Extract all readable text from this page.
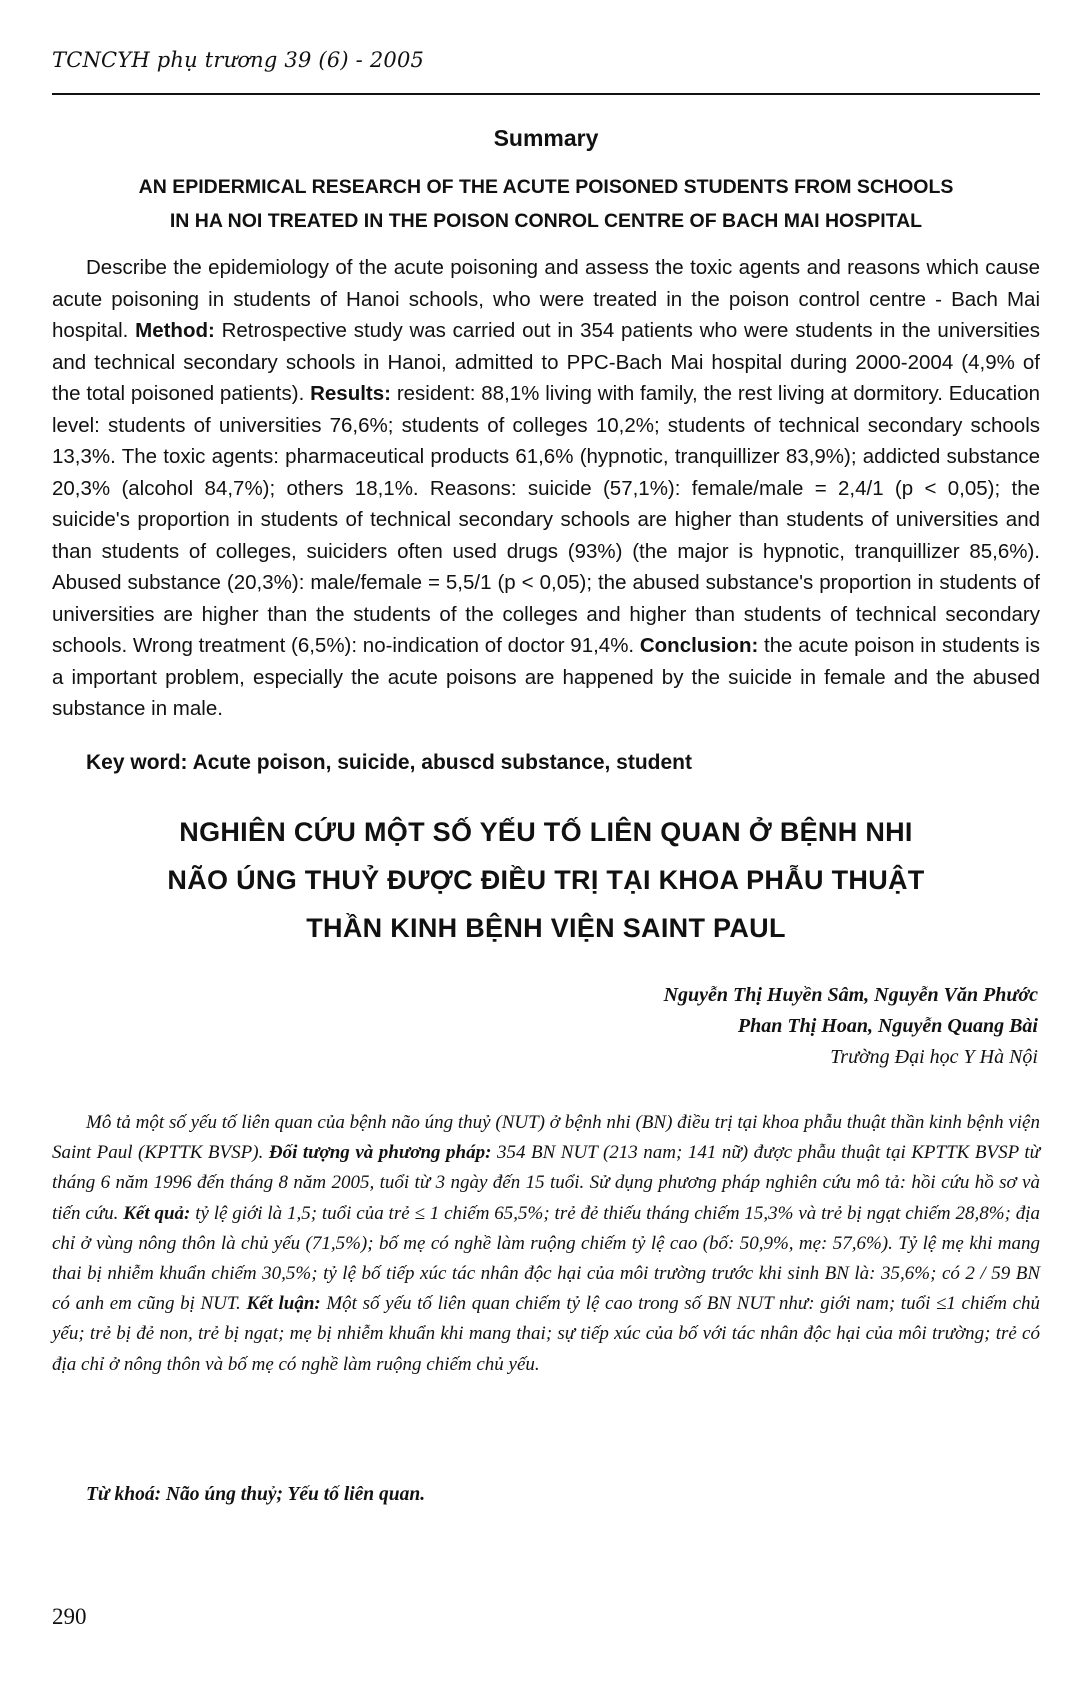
TCNCYH phụ trương 39 (6) - 2005
Summary
AN EPIDERMICAL RESEARCH OF THE ACUTE POISONED STUDENTS FROM SCHOOLS
IN HA NOI TREATED IN THE POISON CONROL CENTRE OF BACH MAI HOSPITAL
Describe the epidemiology of the acute poisoning and assess the toxic agents and reasons which cause acute poisoning in students of Hanoi schools, who were treated in the poison control centre - Bach Mai hospital. Method: Retrospective study was carried out in 354 patients who were students in the universities and technical secondary schools in Hanoi, admitted to PPC-Bach Mai hospital during 2000-2004 (4,9% of the total poisoned patients). Results: resident: 88,1% living with family, the rest living at dormitory. Education level: students of universities 76,6%; students of colleges 10,2%; students of technical secondary schools 13,3%. The toxic agents: pharmaceutical products 61,6% (hypnotic, tranquillizer 83,9%); addicted substance 20,3% (alcohol 84,7%); others 18,1%. Reasons: suicide (57,1%): female/male = 2,4/1 (p < 0,05); the suicide's proportion in students of technical secondary schools are higher than students of universities and than students of colleges, suiciders often used drugs (93%) (the major is hypnotic, tranquillizer 85,6%). Abused substance (20,3%): male/female = 5,5/1 (p < 0,05); the abused substance's proportion in students of universities are higher than the students of the colleges and higher than students of technical secondary schools. Wrong treatment (6,5%): no-indication of doctor 91,4%. Conclusion: the acute poison in students is a important problem, especially the acute poisons are happened by the suicide in female and the abused substance in male.
Key word: Acute poison, suicide, abuscd substance, student
NGHIÊN CỨU MỘT SỐ YẾU TỐ LIÊN QUAN Ở BỆNH NHI
NÃO ÚNG THUỶ ĐƯỢC ĐIỀU TRỊ TẠI KHOA PHẪU THUẬT
THẦN KINH BỆNH VIỆN SAINT PAUL
Nguyễn Thị Huyền Sâm, Nguyễn Văn Phước
Phan Thị Hoan, Nguyễn Quang Bài
Trường Đại học Y Hà Nội
Mô tả một số yếu tố liên quan của bệnh não úng thuỷ (NUT) ở bệnh nhi (BN) điều trị tại khoa phẫu thuật thần kinh bệnh viện Saint Paul (KPTTK BVSP). Đối tượng và phương pháp: 354 BN NUT (213 nam; 141 nữ) được phẫu thuật tại KPTTK BVSP từ tháng 6 năm 1996 đến tháng 8 năm 2005, tuổi từ 3 ngày đến 15 tuổi. Sử dụng phương pháp nghiên cứu mô tả: hồi cứu hồ sơ và tiến cứu. Kết quả: tỷ lệ giới là 1,5; tuổi của trẻ ≤ 1 chiếm 65,5%; trẻ đẻ thiếu tháng chiếm 15,3% và trẻ bị ngạt chiếm 28,8%; địa chỉ ở vùng nông thôn là chủ yếu (71,5%); bố mẹ có nghề làm ruộng chiếm tỷ lệ cao (bố: 50,9%, mẹ: 57,6%). Tỷ lệ mẹ khi mang thai bị nhiễm khuẩn chiếm 30,5%; tỷ lệ bố tiếp xúc tác nhân độc hại của môi trường trước khi sinh BN là: 35,6%; có 2 / 59 BN có anh em cũng bị NUT. Kết luận: Một số yếu tố liên quan chiếm tỷ lệ cao trong số BN NUT như: giới nam; tuổi ≤1 chiếm chủ yếu; trẻ bị đẻ non, trẻ bị ngạt; mẹ bị nhiễm khuẩn khi mang thai; sự tiếp xúc của bố với tác nhân độc hại của môi trường; trẻ có địa chỉ ở nông thôn và bố mẹ có nghề làm ruộng chiếm chủ yếu.
Từ khoá: Não úng thuỷ; Yếu tố liên quan.
290
